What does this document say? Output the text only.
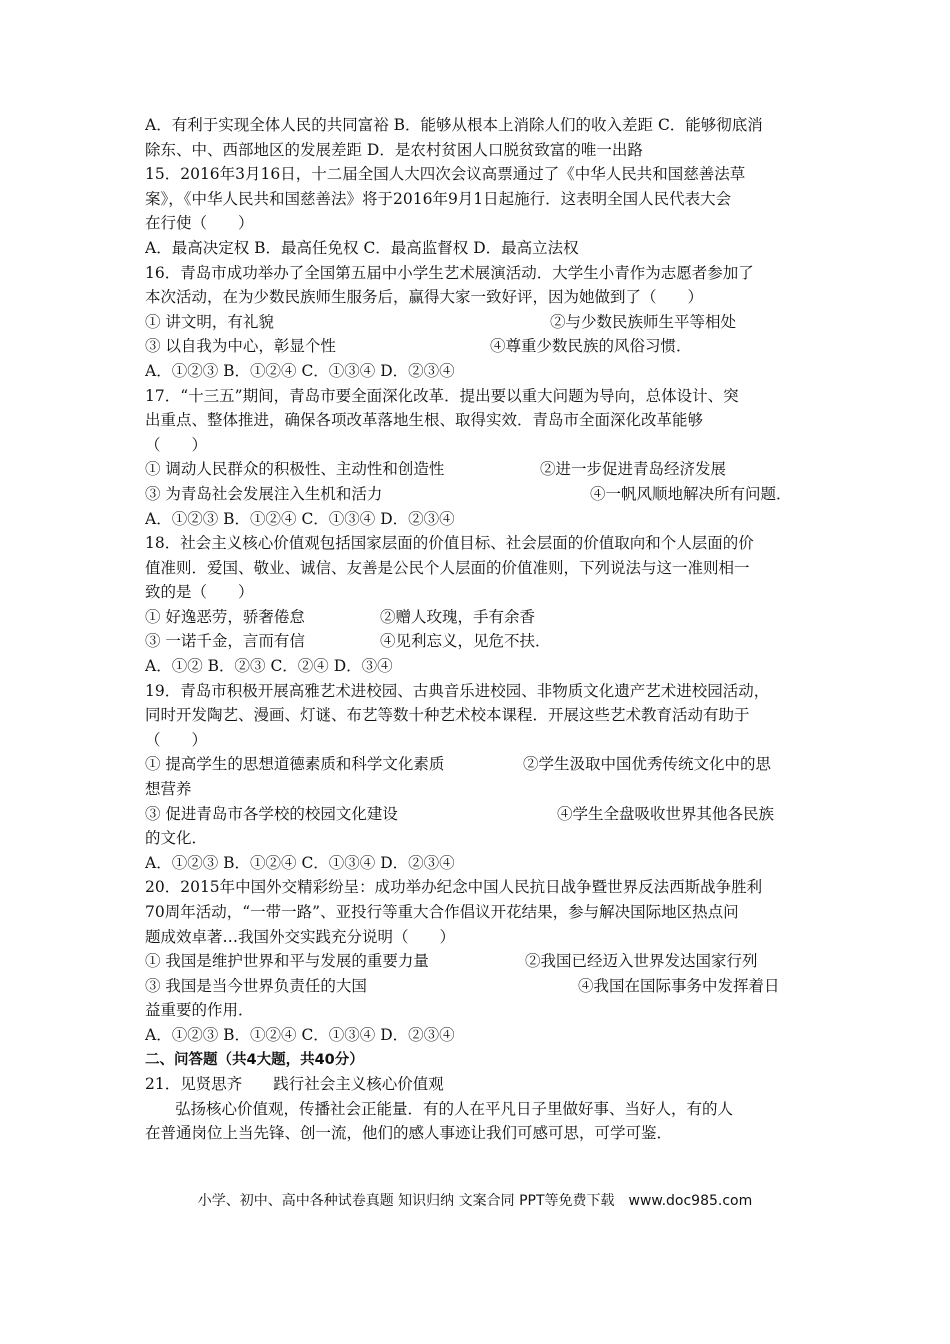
A．有利于实现全体人民的共同富裕 B．能够从根本上消除人们的收入差距 C．能够彻底消
除东、中、西部地区的发展差距 D．是农村贫困人口脱贫致富的唯一出路
15．2016年3月16日，十二届全国人大四次会议高票通过了《中华人民共和国慈善法草
案》，《中华人民共和国慈善法》将于2016年9月1日起施行．这表明全国人民代表大会
在行使（　　）
A．最高决定权 B．最高任免权 C．最高监督权 D．最高立法权
16．青岛市成功举办了全国第五届中小学生艺术展演活动．大学生小青作为志愿者参加了
本次活动，在为少数民族师生服务后，赢得大家一致好评，因为她做到了（　　）
① 讲文明，有礼貌	②与少数民族师生平等相处
③ 以自我为中心，彰显个性	④尊重少数民族的风俗习惯．
A．①②③ B．①②④ C．①③④ D．②③④
17．“十三五”期间，青岛市要全面深化改革．提出要以重大问题为导向，总体设计、突
出重点、整体推进，确保各项改革落地生根、取得实效．青岛市全面深化改革能够
（　　）
① 调动人民群众的积极性、主动性和创造性	②进一步促进青岛经济发展
③ 为青岛社会发展注入生机和活力	④一帆风顺地解决所有问题．
A．①②③ B．①②④ C．①③④ D．②③④
18．社会主义核心价值观包括国家层面的价值目标、社会层面的价值取向和个人层面的价
值准则．爱国、敬业、诚信、友善是公民个人层面的价值准则，下列说法与这一准则相一
致的是（　　）
① 好逸恶劳，骄奢倦怠	②赠人玫瑰，手有余香
③ 一诺千金，言而有信	④见利忘义，见危不扶．
A．①② B．②③ C．②④ D．③④
19．青岛市积极开展高雅艺术进校园、古典音乐进校园、非物质文化遗产艺术进校园活动，
同时开发陶艺、漫画、灯谜、布艺等数十种艺术校本课程．开展这些艺术教育活动有助于
（　　）
① 提高学生的思想道德素质和科学文化素质	②学生汲取中国优秀传统文化中的思
想营养
③ 促进青岛市各学校的校园文化建设	④学生全盘吸收世界其他各民族
的文化．
A．①②③ B．①②④ C．①③④ D．②③④
20．2015年中国外交精彩纷呈：成功举办纪念中国人民抗日战争暨世界反法西斯战争胜利
70周年活动，“一带一路”、亚投行等重大合作倡议开花结果，参与解决国际地区热点问
题成效卓著…我国外交实践充分说明（　　）
① 我国是维护世界和平与发展的重要力量	②我国已经迈入世界发达国家行列
③ 我国是当今世界负责任的大国	④我国在国际事务中发挥着日
益重要的作用．
A．①②③ B．①②④ C．①③④ D．②③④
二、问答题（共4大题，共40分）
21．见贤思齐　　践行社会主义核心价值观
弘扬核心价值观，传播社会正能量．有的人在平凡日子里做好事、当好人，有的人
在普通岗位上当先锋、创一流，他们的感人事迹让我们可感可思，可学可鉴．
小学、初中、高中各种试卷真题 知识归纳 文案合同 PPT等免费下载　www.doc985.com
